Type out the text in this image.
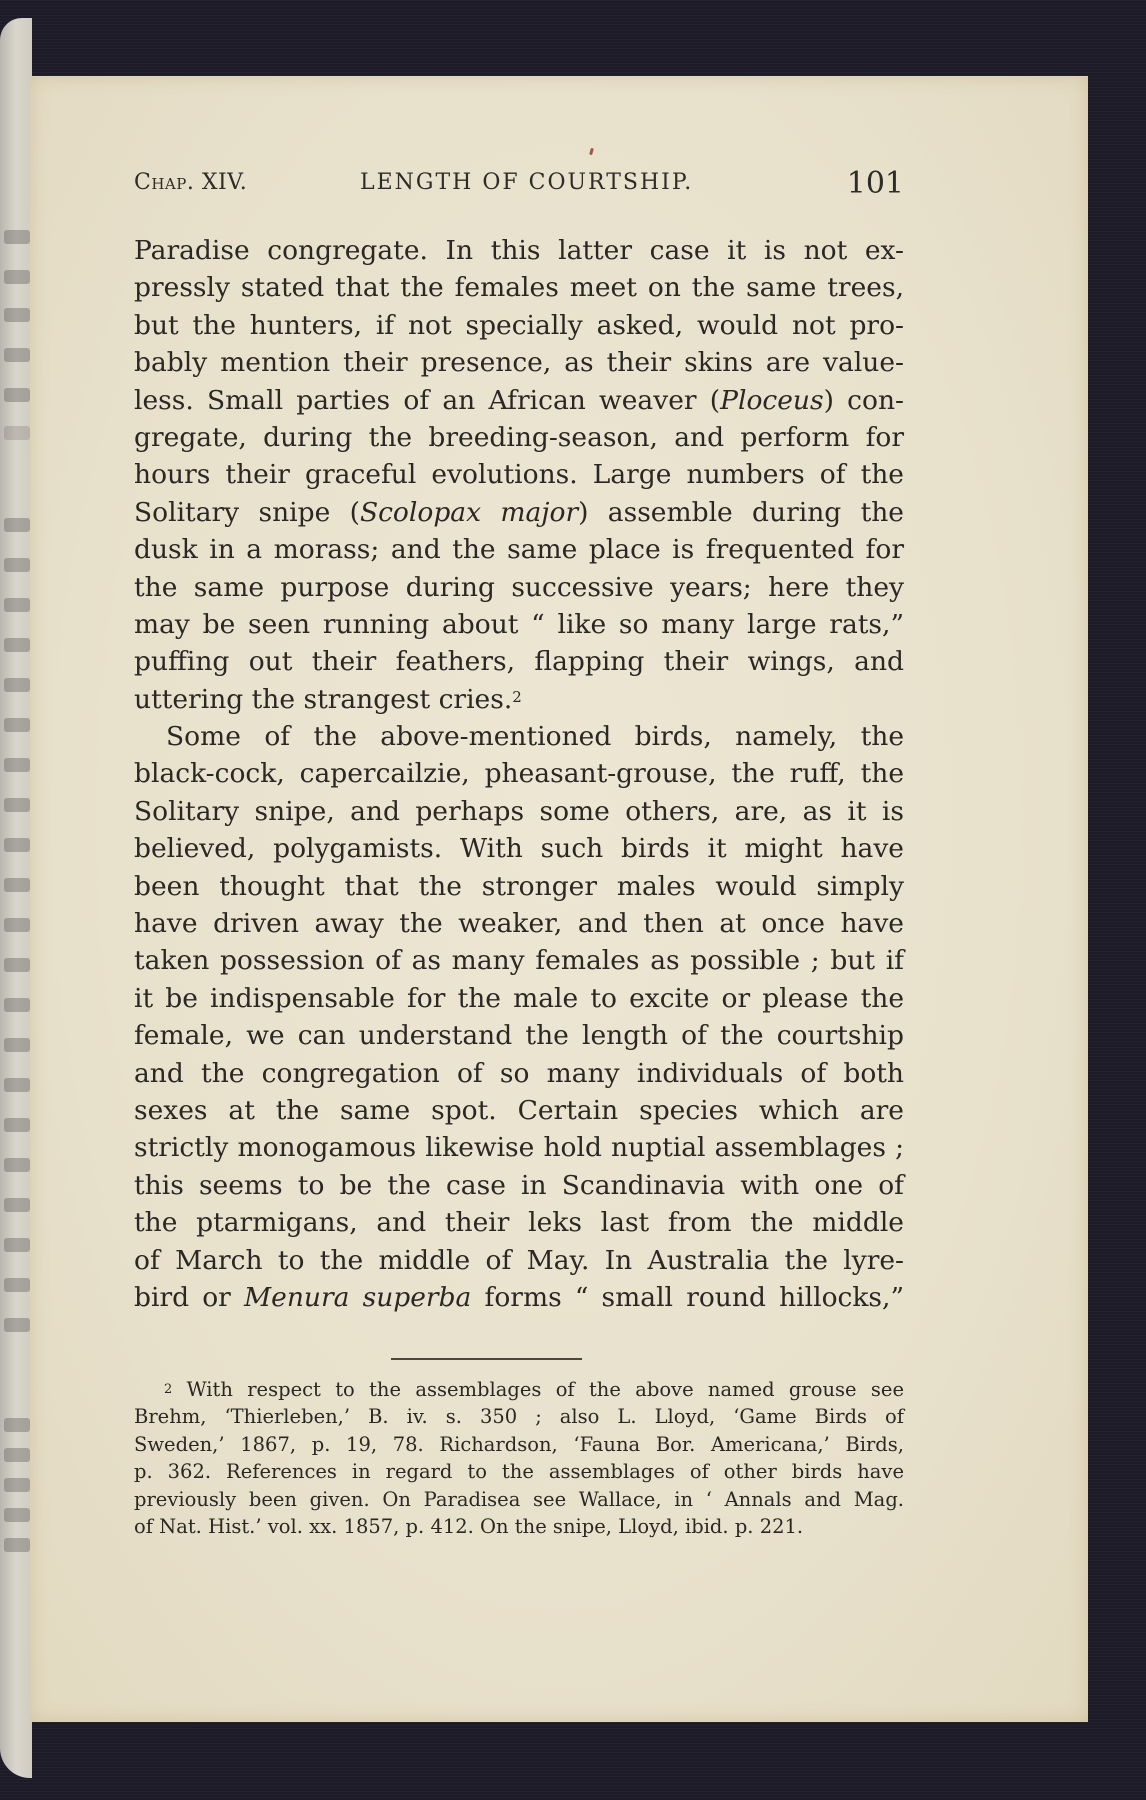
Chap. XIV.	LENGTH OF COURTSHIP.	101
Paradise congregate. In this latter case it is not ex-
pressly stated that the females meet on the same trees,
but the hunters, if not specially asked, would not pro-
bably mention their presence, as their skins are value-
less. Small parties of an African weaver (Ploceus) con-
gregate, during the breeding-season, and perform for
hours their graceful evolutions. Large numbers of the
Solitary snipe (Scolopax major) assemble during the
dusk in a morass; and the same place is frequented for
the same purpose during successive years; here they
may be seen running about “ like so many large rats,”
puffing out their feathers, flapping their wings, and
uttering the strangest cries.$^2$
Some of the above-mentioned birds, namely, the
black-cock, capercailzie, pheasant-grouse, the ruff, the
Solitary snipe, and perhaps some others, are, as it is
believed, polygamists. With such birds it might have
been thought that the stronger males would simply
have driven away the weaker, and then at once have
taken possession of as many females as possible ; but if
it be indispensable for the male to excite or please the
female, we can understand the length of the courtship
and the congregation of so many individuals of both
sexes at the same spot. Certain species which are
strictly monogamous likewise hold nuptial assemblages ;
this seems to be the case in Scandinavia with one of
the ptarmigans, and their leks last from the middle
of March to the middle of May. In Australia the lyre-
bird or Menura superba forms “ small round hillocks,”
$^2$ With respect to the assemblages of the above named grouse see
Brehm, ‘Thierleben,’ B. iv. s. 350 ; also L. Lloyd, ‘Game Birds of
Sweden,’ 1867, p. 19, 78. Richardson, ‘Fauna Bor. Americana,’ Birds,
p. 362. References in regard to the assemblages of other birds have
previously been given. On Paradisea see Wallace, in ‘ Annals and Mag.
of Nat. Hist.’ vol. xx. 1857, p. 412. On the snipe, Lloyd, ibid. p. 221.
